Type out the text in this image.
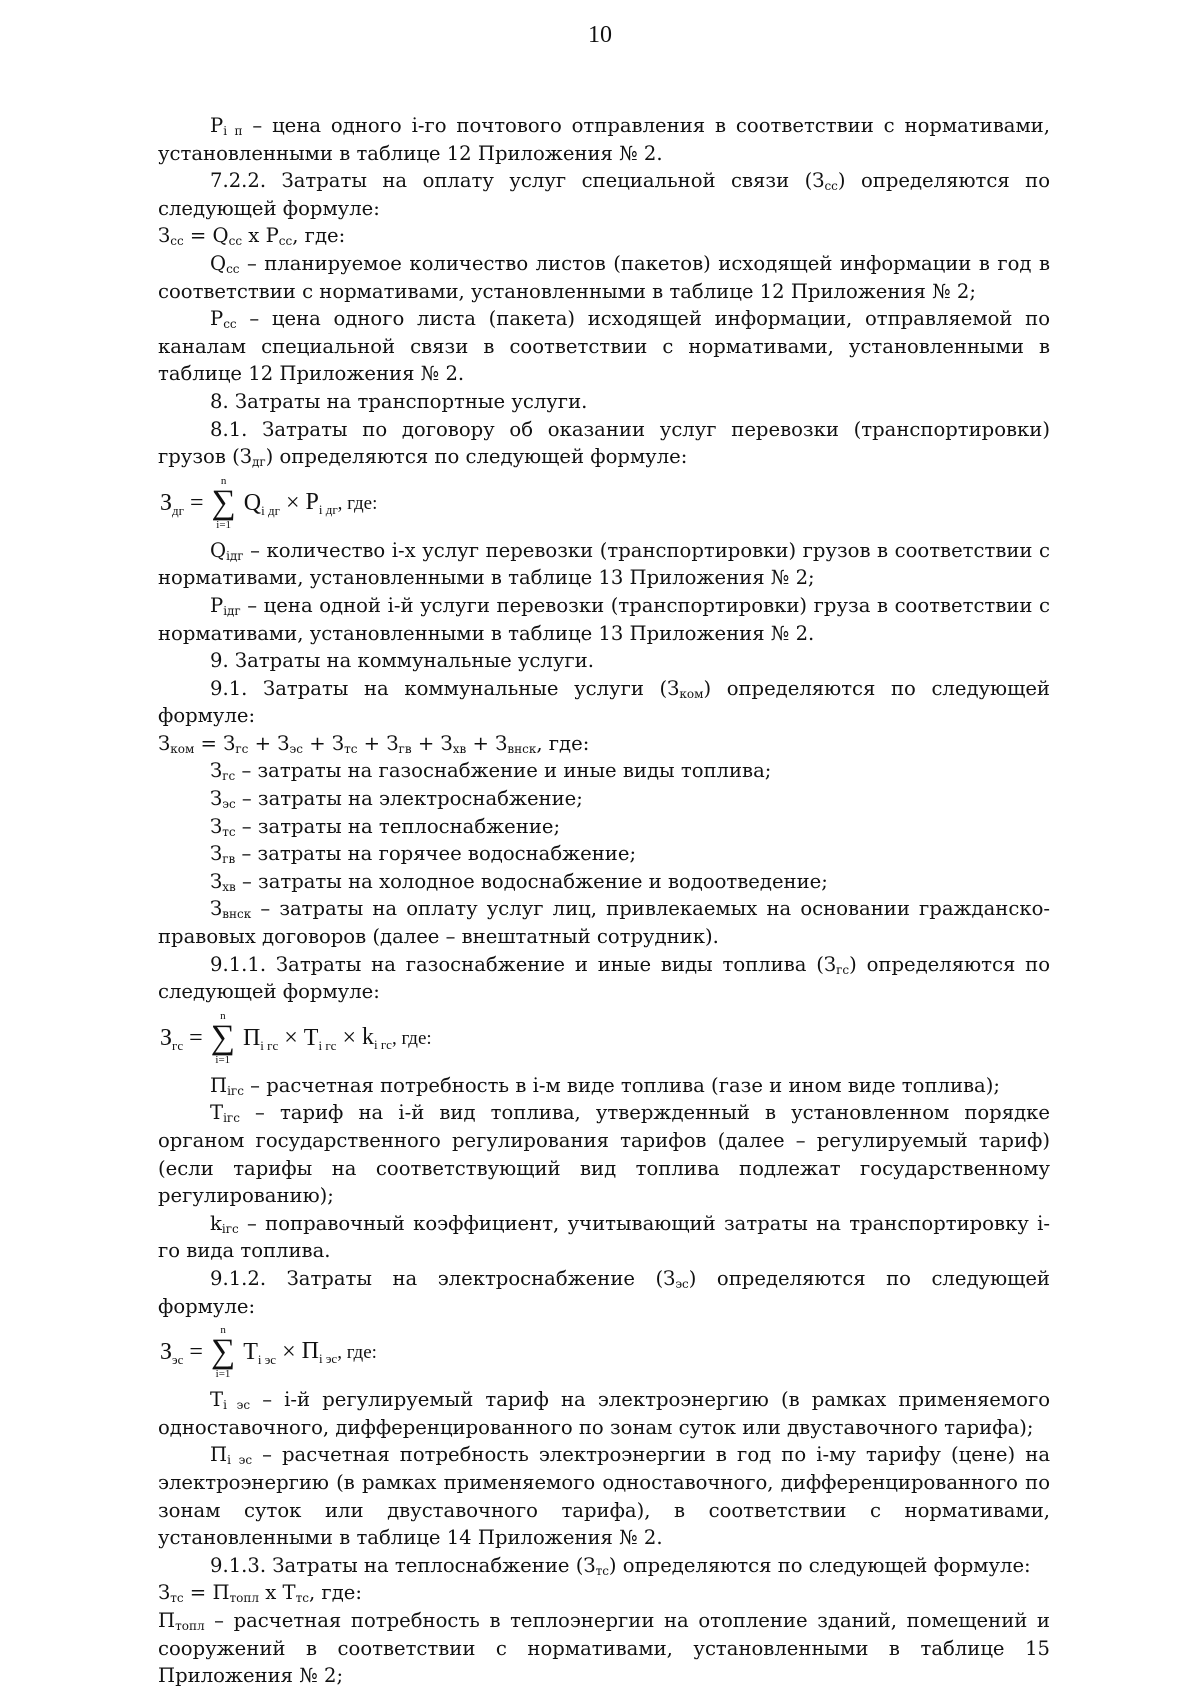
10

$P_{i п}$ – цена одного i-го почтового отправления в соответствии с нормативами, установленными в таблице 12 Приложения № 2.

7.2.2. Затраты на оплату услуг специальной связи $(З_{сс})$ определяются по следующей формуле:

$З_{сс} = Q_{сс}$ x $P_{сс}$, где:

$Q_{сс}$ – планируемое количество листов (пакетов) исходящей информации в год в соответствии с нормативами, установленными в таблице 12 Приложения № 2;

$P_{сс}$ – цена одного листа (пакета) исходящей информации, отправляемой по каналам специальной связи в соответствии с нормативами, установленными в таблице 12 Приложения № 2.

8. Затраты на транспортные услуги.

8.1. Затраты по договору об оказании услуг перевозки (транспортировки) грузов $(З_{дг})$ определяются по следующей формуле:

$З_{дг}$ =
n
∑
i=1
$Q_{i дг} \times P_{i дг}$, где:

$Q_{iдг}$ – количество i-х услуг перевозки (транспортировки) грузов в соответствии с нормативами, установленными в таблице 13 Приложения № 2;

$P_{iдг}$ – цена одной i-й услуги перевозки (транспортировки) груза в соответствии с нормативами, установленными в таблице 13 Приложения № 2.

9. Затраты на коммунальные услуги.

9.1. Затраты на коммунальные услуги $(З_{ком})$ определяются по следующей формуле:

$З_{ком} = З_{гс} + З_{эс} + З_{тс} + З_{гв} + З_{хв} + З_{внск}$, где:

$З_{гс}$ – затраты на газоснабжение и иные виды топлива;

$З_{эс}$ – затраты на электроснабжение;

$З_{тс}$ – затраты на теплоснабжение;

$З_{гв}$ – затраты на горячее водоснабжение;

$З_{хв}$ – затраты на холодное водоснабжение и водоотведение;

$З_{внск}$ – затраты на оплату услуг лиц, привлекаемых на основании гражданско-правовых договоров (далее – внештатный сотрудник).

9.1.1. Затраты на газоснабжение и иные виды топлива $(З_{гс})$ определяются по следующей формуле:

$З_{гс}$ =
n
∑
i=1
$П_{i гс} \times T_{i гс} \times k_{i гс}$, где:

$П_{iгс}$ – расчетная потребность в i-м виде топлива (газе и ином виде топлива);

$T_{iгс}$ – тариф на i-й вид топлива, утвержденный в установленном порядке органом государственного регулирования тарифов (далее – регулируемый тариф) (если тарифы на соответствующий вид топлива подлежат государственному регулированию);

$k_{iгс}$ – поправочный коэффициент, учитывающий затраты на транспортировку i-го вида топлива.

9.1.2. Затраты на электроснабжение $(З_{эс})$ определяются по следующей формуле:

$З_{эс}$ =
n
∑
i=1
$T_{i эс} \times П_{i эс}$, где:

$T_{i эс} - i-й$ регулируемый тариф на электроэнергию (в рамках применяемого одноставочного, дифференцированного по зонам суток или двуставочного тарифа);

$П_{i эс}$ – расчетная потребность электроэнергии в год по i-му тарифу (цене) на электроэнергию (в рамках применяемого одноставочного, дифференцированного по зонам суток или двуставочного тарифа), в соответствии с нормативами, установленными в таблице 14 Приложения № 2.

9.1.3. Затраты на теплоснабжение $(З_{тс})$ определяются по следующей формуле:

$З_{тс} = П_{топл}$ x $T_{тс}$, где:

$П_{топл}$ – расчетная потребность в теплоэнергии на отопление зданий, помещений и сооружений в соответствии с нормативами, установленными в таблице 15 Приложения № 2;
